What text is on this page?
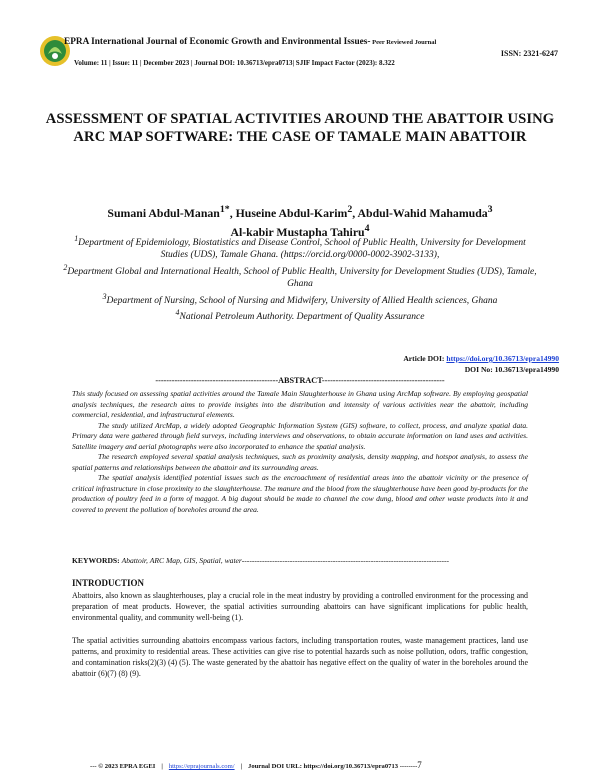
EPRA International Journal of Economic Growth and Environmental Issues- Peer Reviewed Journal
ISSN: 2321-6247
Volume: 11 | Issue: 11 | December 2023 | Journal DOI: 10.36713/epra0713| SJIF Impact Factor (2023): 8.322
ASSESSMENT OF SPATIAL ACTIVITIES AROUND THE ABATTOIR USING ARC MAP SOFTWARE: THE CASE OF TAMALE MAIN ABATTOIR
Sumani Abdul-Manan$^{1*}$, Huseine Abdul-Karim$^2$, Abdul-Wahid Mahamuda$^3$
Al-kabir Mustapha Tahiru$^4$

$^1$Department of Epidemiology, Biostatistics and Disease Control, School of Public Health, University for Development Studies (UDS), Tamale Ghana. (https://orcid.org/0000-0002-3902-3133),

$^2$Department Global and International Health, School of Public Health, University for Development Studies (UDS), Tamale, Ghana

$^3$Department of Nursing, School of Nursing and Midwifery, University of Allied Health sciences, Ghana

$^4$National Petroleum Authority. Department of Quality Assurance

Article DOI: https://doi.org/10.36713/epra14990
DOI No: 10.36713/epra14990
---------------------------------------------ABSTRACT---------------------------------------------

This study focused on assessing spatial activities around the Tamale Main Slaughterhouse in Ghana using ArcMap software. By employing geospatial analysis techniques, the research aims to provide insights into the distribution and intensity of various activities near the abattoir, including commercial, residential, and infrastructural elements.

The study utilized ArcMap, a widely adopted Geographic Information System (GIS) software, to collect, process, and analyze spatial data. Primary data were gathered through field surveys, including interviews and observations, to obtain accurate information on land uses and activities. Satellite imagery and aerial photographs were also incorporated to enhance the spatial analysis.

The research employed several spatial analysis techniques, such as proximity analysis, density mapping, and hotspot analysis, to assess the spatial patterns and relationships between the abattoir and its surrounding areas.

The spatial analysis identified potential issues such as the encroachment of residential areas into the abattoir vicinity or the presence of critical infrastructure in close proximity to the slaughterhouse. The manure and the blood from the slaughterhouse have been good by-products for the production of poultry feed in a form of maggot. A big dugout should be made to channel the cow dung, blood and other waste products into it and covered to prevent the pollution of boreholes around the area.

KEYWORDS: Abattoir, ARC Map, GIS, Spatial, water----------------------------------------------------------------------------------
INTRODUCTION
Abattoirs, also known as slaughterhouses, play a crucial role in the meat industry by providing a controlled environment for the processing and preparation of meat products. However, the spatial activities surrounding abattoirs can have significant implications for public health, environmental quality, and community well-being (1).
The spatial activities surrounding abattoirs encompass various factors, including transportation routes, waste management practices, land use patterns, and proximity to residential areas. These activities can give rise to potential hazards such as noise pollution, odors, traffic congestion, and contamination risks(2)(3) (4) (5). The waste generated by the abattoir has negative effect on the quality of water in the boreholes around the abattoir (6)(7) (8) (9).
--- © 2023 EPRA EGEI | https://eprajournals.com/ | Journal DOI URL: https://doi.org/10.36713/epra0713 --------7
